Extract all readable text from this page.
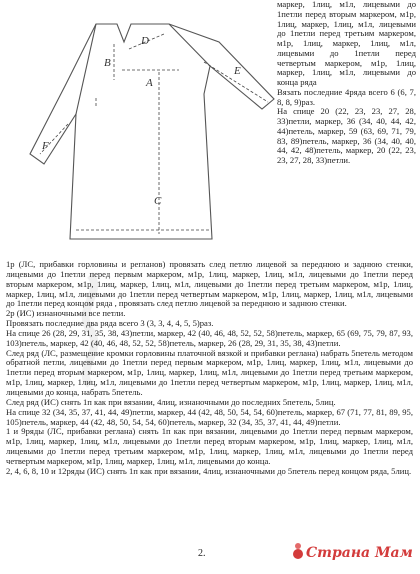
D
B
A
C
E
F

маркер, 1лиц, м1л, лицевыми до 1петли перед вторым маркером, м1р, 1лиц, маркер, 1лиц, м1л, лицевыми до 1петли перед третьим маркером, м1р, 1лиц, маркер, 1лиц, м1л, лицевыми до 1петли перед четвертым маркером, м1р, 1лиц, маркер, 1лиц, м1л, лицевыми до конца ряда

Вязать последние 4ряда всего 6 (6, 7, 8, 8, 9)раз.

На спице 20 (22, 23, 23, 27, 28, 33)петли, маркер, 36 (34, 40, 44, 42, 44)петель, маркер, 59 (63, 69, 71, 79, 83, 89)петель, маркер, 36 (34, 40, 40, 44, 42, 48)петель, маркер, 20 (22, 23, 23, 27, 28, 33)петли.

1р (ЛС, прибавки горловины и регланов) провязать след петлю лицевой за переднюю и заднюю стенки, лицевыми до 1петли перед первым маркером, м1р, 1лиц, маркер, 1лиц, м1л, лицевыми до 1петли перед вторым маркером, м1р, 1лиц, маркер, 1лиц, м1л, лицевыми до 1петли перед третьим маркером, м1р, 1лиц, маркер, 1лиц, м1л, лицевыми до 1петли перед четвертым маркером, м1р, 1лиц, маркер, 1лиц, м1л, лицевыми до 1петли перед концом ряда , провязать след петлю лицевой за переднюю и заднюю стенки.

2р (ИС) изнаночными все петли.

Провязать последние два ряда всего 3 (3, 3, 4, 4, 5, 5)раз.

На спице 26 (28, 29, 31, 35, 38, 43)петли, маркер, 42 (40, 46, 48, 52, 52, 58)петель, маркер, 65 (69, 75, 79, 87, 93, 103)петель, маркер, 42 (40, 46, 48, 52, 52, 58)петель, маркер, 26 (28, 29, 31, 35, 38, 43)петли.

След ряд (ЛС, размещение кромки горловины платочной вязкой и прибавки реглана) набрать 5петель методом обратной петли, лицевыми до 1петли перед первым маркером, м1р, 1лиц, маркер, 1лиц, м1л, лицевыми до 1петли перед вторым маркером, м1р, 1лиц, маркер, 1лиц, м1л, лицевыми до 1петли перед третьим маркером, м1р, 1лиц, маркер, 1лиц, м1л, лицевыми до 1петли перед четвертым маркером, м1р, 1лиц, маркер, 1лиц, м1л, лицевыми до конца, набрать 5петель.

След ряд (ИС) снять 1п как при вязании, 4лиц, изнаночными до последних 5петель, 5лиц.

На спице 32 (34, 35, 37, 41, 44, 49)петли, маркер, 44 (42, 48, 50, 54, 54, 60)петель, маркер, 67 (71, 77, 81, 89, 95, 105)петель, маркер, 44 (42, 48, 50, 54, 54, 60)петель, маркер, 32 (34, 35, 37, 41, 44, 49)петли.

1 и 9ряды (ЛС, прибавки реглана) снять 1п как при вязании, лицевыми до 1петли перед первым маркером, м1р, 1лиц, маркер, 1лиц, м1л, лицевыми до 1петли перед вторым маркером, м1р, 1лиц, маркер, 1лиц, м1л, лицевыми до 1петли перед третьим маркером, м1р, 1лиц, маркер, 1лиц, м1л, лицевыми до 1петли перед четвертым маркером, м1р, 1лиц, маркер, 1лиц, м1л, лицевыми до конца.

2, 4, 6, 8, 10 и 12ряды (ИС) снять 1п как при вязании, 4лиц, изнаночными до 5петель перед концом ряда, 5лиц.

2.	Страна Мам
